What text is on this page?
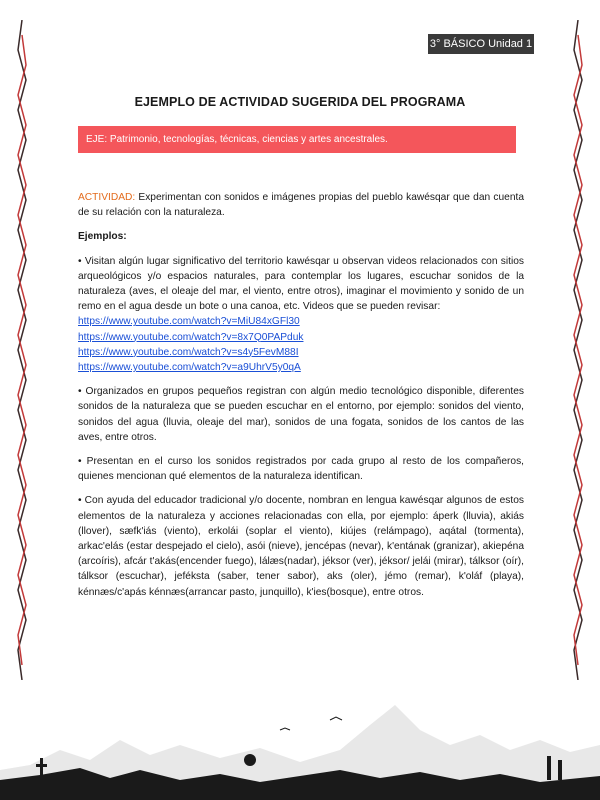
3° BÁSICO Unidad 1
EJEMPLO DE ACTIVIDAD SUGERIDA DEL PROGRAMA
EJE: Patrimonio, tecnologías, técnicas, ciencias y artes ancestrales.

ACTIVIDAD: Experimentan con sonidos e imágenes propias del pueblo kawésqar que dan cuenta de su relación con la naturaleza.

Ejemplos:

• Visitan algún lugar significativo del territorio kawésqar u observan videos relacionados con sitios arqueológicos y/o espacios naturales, para contemplar los lugares, escuchar sonidos de la naturaleza (aves, el oleaje del mar, el viento, entre otros), imaginar el movimiento y sonido de un remo en el agua desde un bote o una canoa, etc. Videos que se pueden revisar:

https://www.youtube.com/watch?v=MiU84xGFl30
https://www.youtube.com/watch?v=8x7Q0PAPduk
https://www.youtube.com/watch?v=s4y5FevM88I
https://www.youtube.com/watch?v=a9UhrV5y0qA

• Organizados en grupos pequeños registran con algún medio tecnológico disponible, diferentes sonidos de la naturaleza que se pueden escuchar en el entorno, por ejemplo: sonidos del viento, sonidos del agua (lluvia, oleaje del mar), sonidos de una fogata, sonidos de los cantos de las aves, entre otros.

• Presentan en el curso los sonidos registrados por cada grupo al resto de los compañeros, quienes mencionan qué elementos de la naturaleza identifican.

• Con ayuda del educador tradicional y/o docente, nombran en lengua kawésqar algunos de estos elementos de la naturaleza y acciones relacionadas con ella, por ejemplo: áperk (lluvia), akiás (llover), sæfk'iás (viento), erkolái (soplar el viento), kiújes (relámpago), aqátal (tormenta), arkac'elás (estar despejado el cielo), asói (nieve), jencépas (nevar), k'entának (granizar), akiepéna (arcoíris), afcár t'akás(encender fuego), lálæs(nadar), jéksor (ver), jéksor/ jelái (mirar), tálksor (oír), tálksor (escuchar), jeféksta (saber, tener sabor), aks (oler), jémo (remar), k'oláf (playa), kénnæs/c'apás kénnæs(arrancar pasto, junquillo), k'ies(bosque), entre otros.
